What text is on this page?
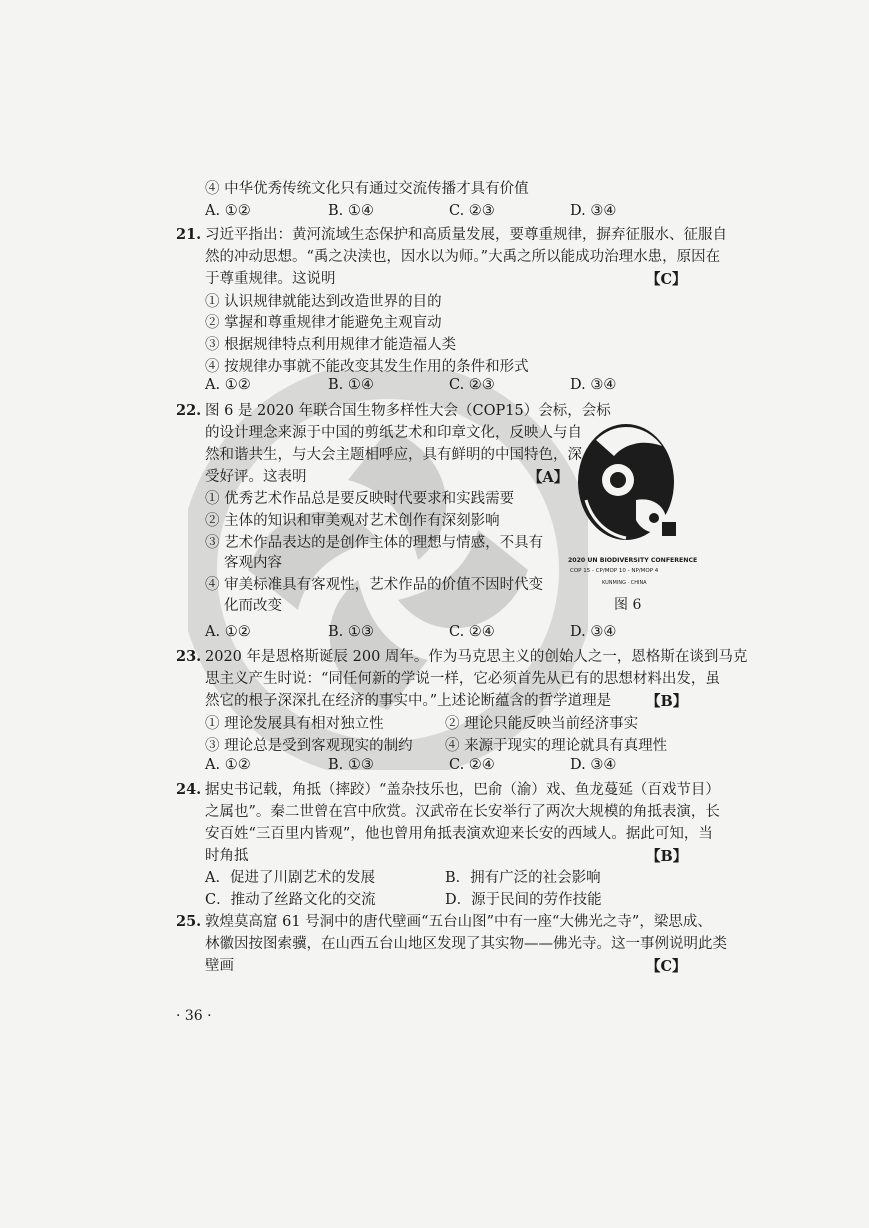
④ 中华优秀传统文化只有通过交流传播才具有价值
A. ①②	B. ①④	C. ②③	D. ③④
21. 习近平指出：黄河流域生态保护和高质量发展，要尊重规律，摒弃征服水、征服自
然的冲动思想。“禹之决渎也，因水以为师。”大禹之所以能成功治理水患，原因在
于尊重规律。这说明	【C】
① 认识规律就能达到改造世界的目的
② 掌握和尊重规律才能避免主观盲动
③ 根据规律特点利用规律才能造福人类
④ 按规律办事就不能改变其发生作用的条件和形式
A. ①②	B. ①④	C. ②③	D. ③④
22. 图 6 是 2020 年联合国生物多样性大会（COP15）会标，会标
的设计理念来源于中国的剪纸艺术和印章文化，反映人与自
然和谐共生，与大会主题相呼应，具有鲜明的中国特色，深
受好评。这表明	【A】
① 优秀艺术作品总是要反映时代要求和实践需要
② 主体的知识和审美观对艺术创作有深刻影响
③ 艺术作品表达的是创作主体的理想与情感，不具有
客观内容
④ 审美标准具有客观性，艺术作品的价值不因时代变
化而改变
2020 UN BIODIVERSITY CONFERENCE
COP 15 - CP/MOP 10 - NP/MOP 4
KUNMING · CHINA
图 6
A. ①②	B. ①③	C. ②④	D. ③④
23. 2020 年是恩格斯诞辰 200 周年。作为马克思主义的创始人之一，恩格斯在谈到马克
思主义产生时说：“同任何新的学说一样，它必须首先从已有的思想材料出发，虽
然它的根子深深扎在经济的事实中。”上述论断蕴含的哲学道理是 【B】
① 理论发展具有相对独立性	② 理论只能反映当前经济事实
③ 理论总是受到客观现实的制约 ④ 来源于现实的理论就具有真理性
A. ①②	B. ①③	C. ②④	D. ③④
24. 据史书记载，角抵（摔跤）“盖杂技乐也，巴俞（渝）戏、鱼龙蔓延（百戏节目）
之属也”。秦二世曾在宫中欣赏。汉武帝在长安举行了两次大规模的角抵表演，长
安百姓“三百里内皆观”，他也曾用角抵表演欢迎来长安的西域人。据此可知，当
时角抵	【B】
A．促进了川剧艺术的发展	B．拥有广泛的社会影响
C．推动了丝路文化的交流	D．源于民间的劳作技能
25. 敦煌莫高窟 61 号洞中的唐代壁画“五台山图”中有一座“大佛光之寺”，梁思成、
林徽因按图索骥，在山西五台山地区发现了其实物——佛光寺。这一事例说明此类
壁画	【C】
· 36 ·
